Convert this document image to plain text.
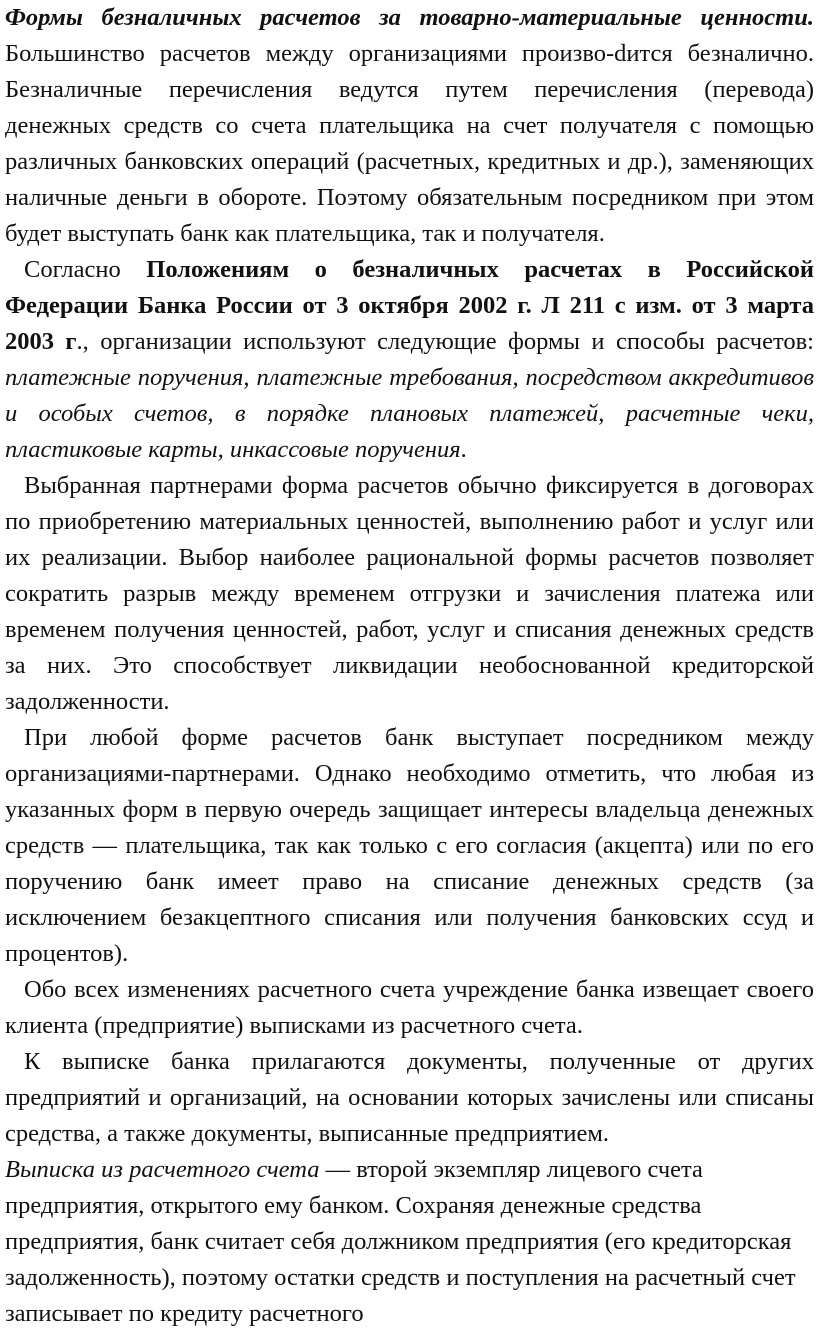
Формы безналичных расчетов за товарно-материальные ценности. Большинство расчетов между организациями произво-dится безналично. Безналичные перечисления ведутся путем перечисления (перевода) денежных средств со счета плательщика на счет получателя с помощью различных банковских операций (расчетных, кредитных и др.), заменяющих наличные деньги в обороте. Поэтому обязательным посредником при этом будет выступать банк как плательщика, так и получателя.

Согласно Положениям о безналичных расчетах в Российской Федерации Банка России от 3 октября 2002 г. Л 211 с изм. от 3 марта 2003 г., организации используют следующие формы и способы расчетов: платежные поручения, платежные требования, посредством аккредитивов и особых счетов, в порядке плановых платежей, расчетные чеки, пластиковые карты, инкассовые поручения.

Выбранная партнерами форма расчетов обычно фиксируется в договорах по приобретению материальных ценностей, выполнению работ и услуг или их реализации. Выбор наиболее рациональной формы расчетов позволяет сократить разрыв между временем отгрузки и зачисления платежа или временем получения ценностей, работ, услуг и списания денежных средств за них. Это способствует ликвидации необоснованной кредиторской задолженности.

При любой форме расчетов банк выступает посредником между организациями-партнерами. Однако необходимо отметить, что любая из указанных форм в первую очередь защищает интересы владельца денежных средств — плательщика, так как только с его согласия (акцепта) или по его поручению банк имеет право на списание денежных средств (за исключением безакцептного списания или получения банковских ссуд и процентов).

Обо всех изменениях расчетного счета учреждение банка извещает своего клиента (предприятие) выписками из расчетного счета.

К выписке банка прилагаются документы, полученные от других предприятий и организаций, на основании которых зачислены или списаны средства, а также документы, выписанные предприятием.

Выписка из расчетного счета — второй экземпляр лицевого счета предприятия, открытого ему банком. Сохраняя денежные средства предприятия, банк считает себя должником предприятия (его кредиторская задолженность), поэтому остатки средств и поступления на расчетный счет записывает по кредиту расчетного
